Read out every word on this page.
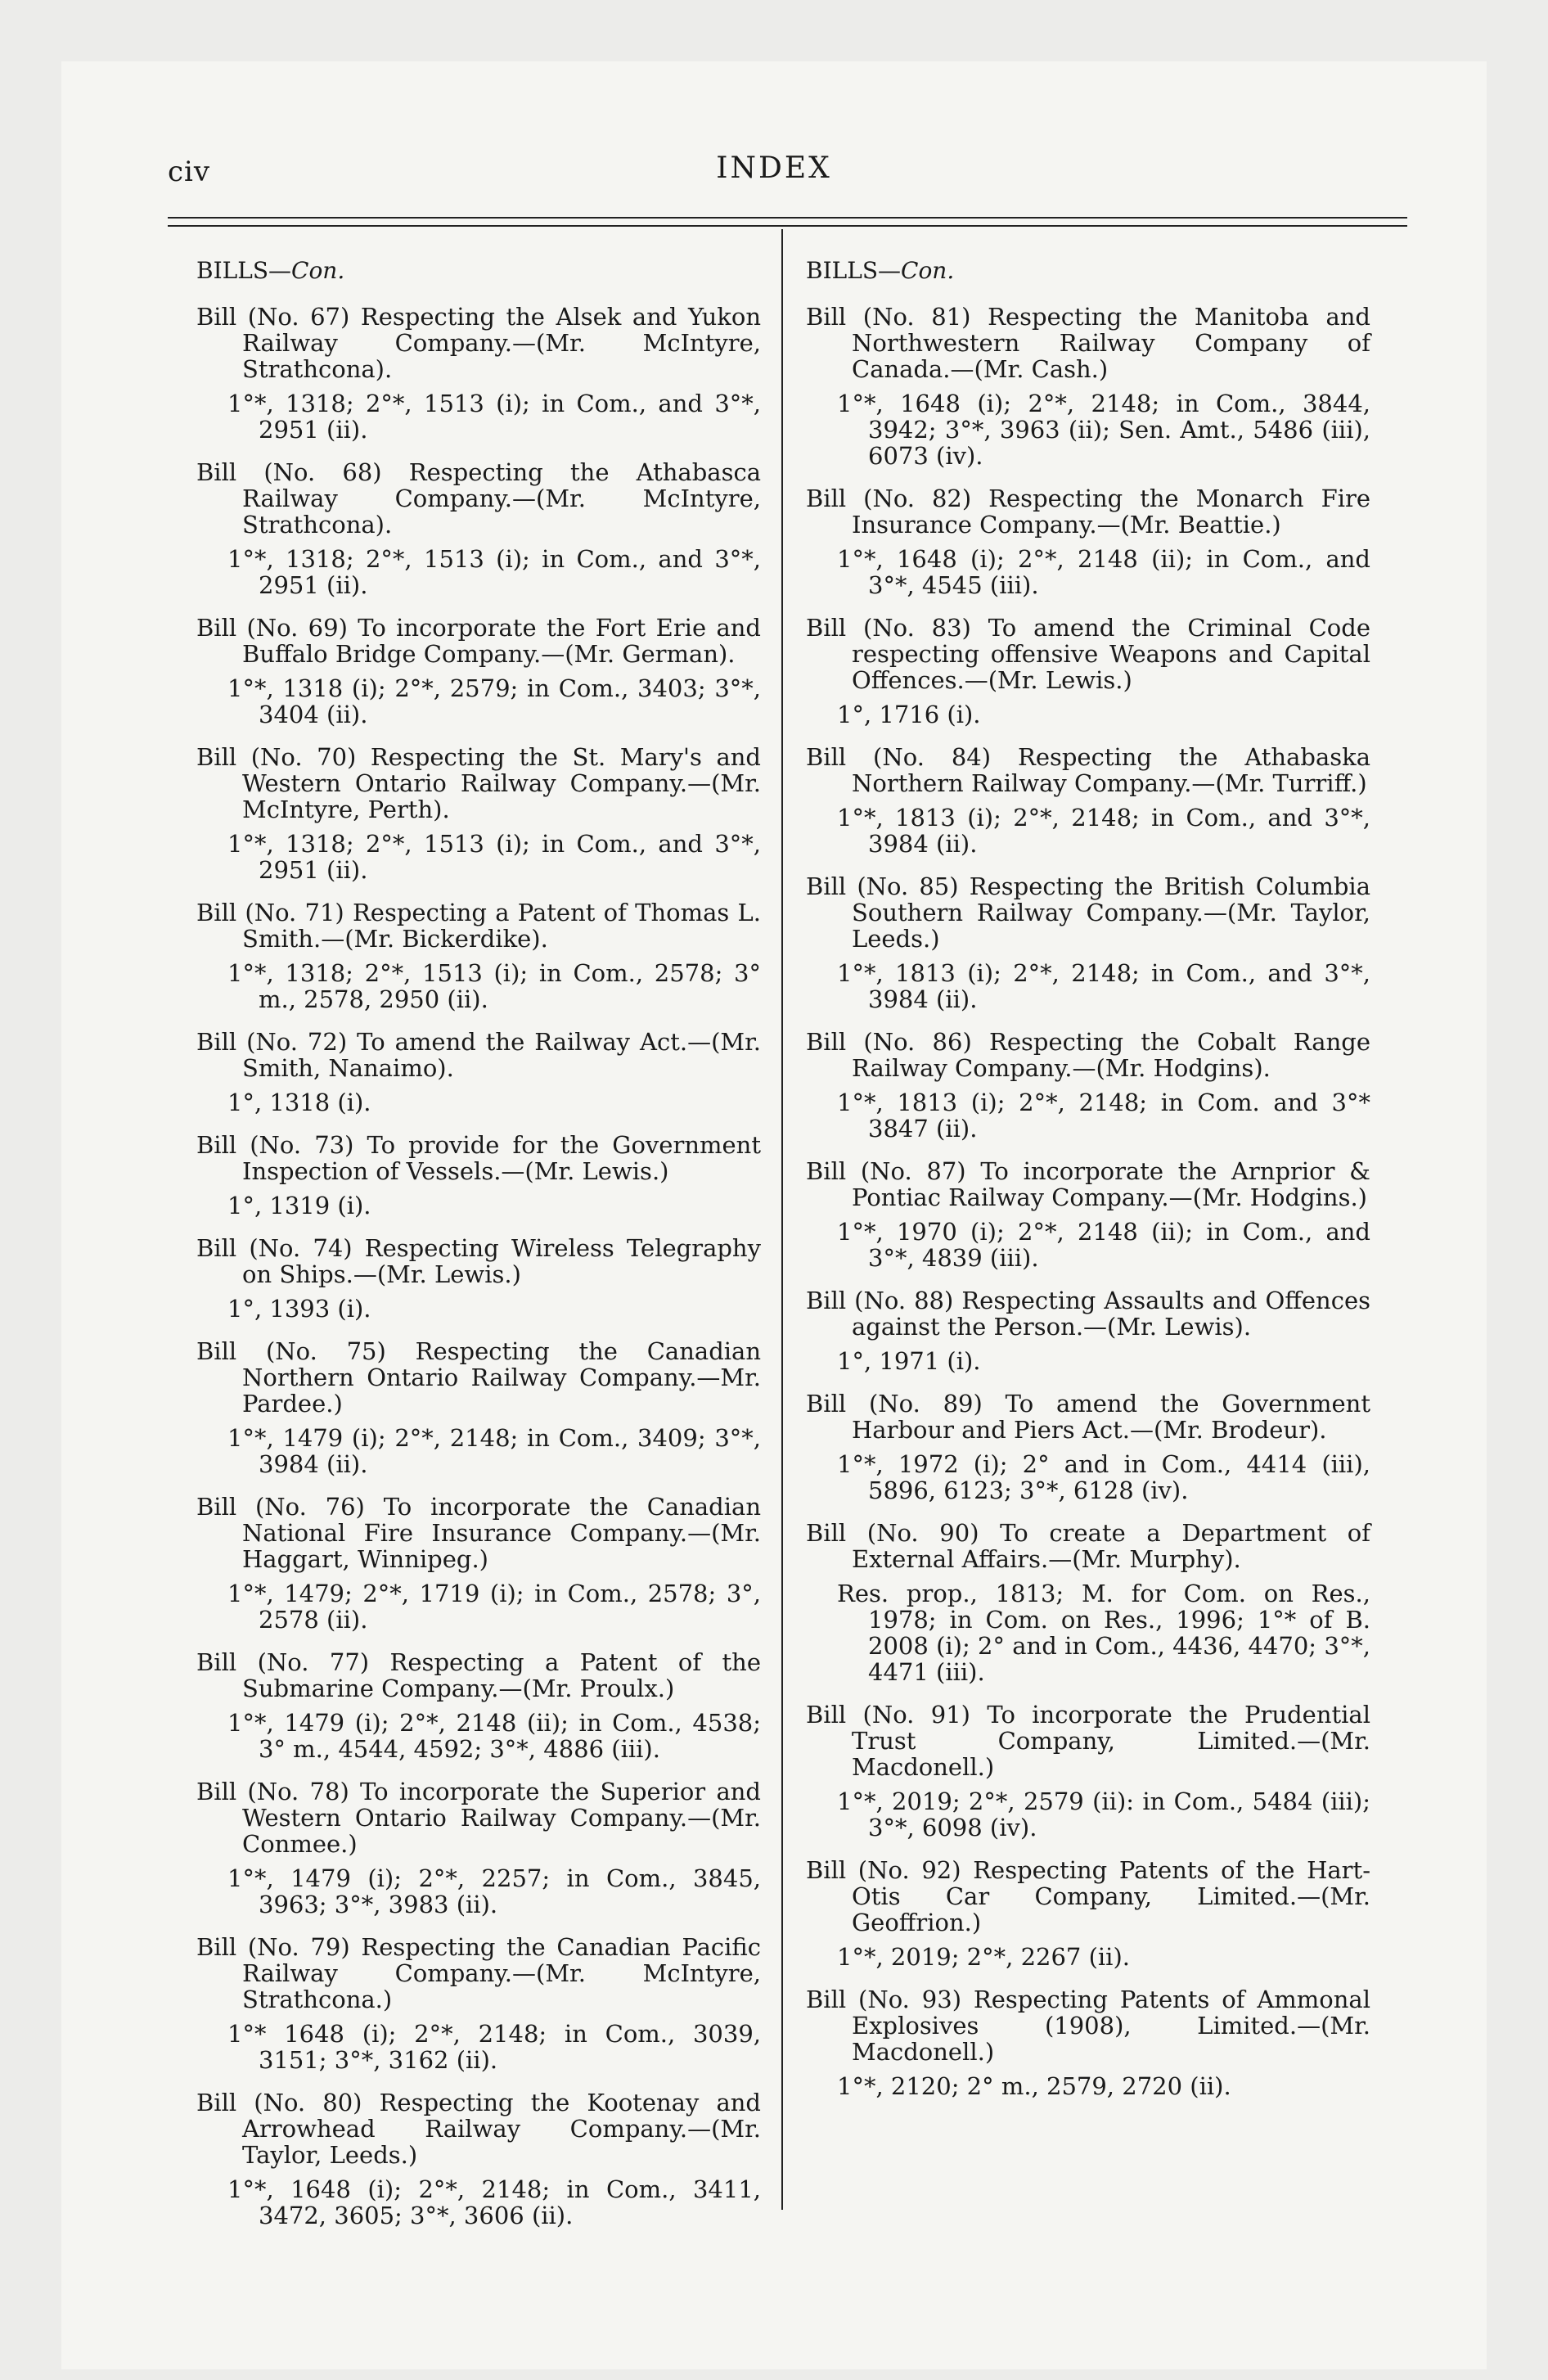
civ	INDEX
BILLS—Con.
Bill (No. 67) Respecting the Alsek and Yukon Railway Company.—(Mr. McIntyre, Strathcona).
1°*, 1318; 2°*, 1513 (i); in Com., and 3°*, 2951 (ii).
Bill (No. 68) Respecting the Athabasca Railway Company.—(Mr. McIntyre, Strathcona).
1°*, 1318; 2°*, 1513 (i); in Com., and 3°*, 2951 (ii).
Bill (No. 69) To incorporate the Fort Erie and Buffalo Bridge Company.—(Mr. German).
1°*, 1318 (i); 2°*, 2579; in Com., 3403; 3°*, 3404 (ii).
Bill (No. 70) Respecting the St. Mary's and Western Ontario Railway Company.—(Mr. McIntyre, Perth).
1°*, 1318; 2°*, 1513 (i); in Com., and 3°*, 2951 (ii).
Bill (No. 71) Respecting a Patent of Thomas L. Smith.—(Mr. Bickerdike).
1°*, 1318; 2°*, 1513 (i); in Com., 2578; 3° m., 2578, 2950 (ii).
Bill (No. 72) To amend the Railway Act.—(Mr. Smith, Nanaimo).
1°, 1318 (i).
Bill (No. 73) To provide for the Government Inspection of Vessels.—(Mr. Lewis.)
1°, 1319 (i).
Bill (No. 74) Respecting Wireless Telegraphy on Ships.—(Mr. Lewis.)
1°, 1393 (i).
Bill (No. 75) Respecting the Canadian Northern Ontario Railway Company.—Mr. Pardee.)
1°*, 1479 (i); 2°*, 2148; in Com., 3409; 3°*, 3984 (ii).
Bill (No. 76) To incorporate the Canadian National Fire Insurance Company.—(Mr. Haggart, Winnipeg.)
1°*, 1479; 2°*, 1719 (i); in Com., 2578; 3°, 2578 (ii).
Bill (No. 77) Respecting a Patent of the Submarine Company.—(Mr. Proulx.)
1°*, 1479 (i); 2°*, 2148 (ii); in Com., 4538; 3° m., 4544, 4592; 3°*, 4886 (iii).
Bill (No. 78) To incorporate the Superior and Western Ontario Railway Company.—(Mr. Conmee.)
1°*, 1479 (i); 2°*, 2257; in Com., 3845, 3963; 3°*, 3983 (ii).
Bill (No. 79) Respecting the Canadian Pacific Railway Company.—(Mr. McIntyre, Strathcona.)
1°* 1648 (i); 2°*, 2148; in Com., 3039, 3151; 3°*, 3162 (ii).
Bill (No. 80) Respecting the Kootenay and Arrowhead Railway Company.—(Mr. Taylor, Leeds.)
1°*, 1648 (i); 2°*, 2148; in Com., 3411, 3472, 3605; 3°*, 3606 (ii).
BILLS—Con.
Bill (No. 81) Respecting the Manitoba and Northwestern Railway Company of Canada.—(Mr. Cash.)
1°*, 1648 (i); 2°*, 2148; in Com., 3844, 3942; 3°*, 3963 (ii); Sen. Amt., 5486 (iii), 6073 (iv).
Bill (No. 82) Respecting the Monarch Fire Insurance Company.—(Mr. Beattie.)
1°*, 1648 (i); 2°*, 2148 (ii); in Com., and 3°*, 4545 (iii).
Bill (No. 83) To amend the Criminal Code respecting offensive Weapons and Capital Offences.—(Mr. Lewis.)
1°, 1716 (i).
Bill (No. 84) Respecting the Athabaska Northern Railway Company.—(Mr. Turriff.)
1°*, 1813 (i); 2°*, 2148; in Com., and 3°*, 3984 (ii).
Bill (No. 85) Respecting the British Columbia Southern Railway Company.—(Mr. Taylor, Leeds.)
1°*, 1813 (i); 2°*, 2148; in Com., and 3°*, 3984 (ii).
Bill (No. 86) Respecting the Cobalt Range Railway Company.—(Mr. Hodgins).
1°*, 1813 (i); 2°*, 2148; in Com. and 3°* 3847 (ii).
Bill (No. 87) To incorporate the Arnprior & Pontiac Railway Company.—(Mr. Hodgins.)
1°*, 1970 (i); 2°*, 2148 (ii); in Com., and 3°*, 4839 (iii).
Bill (No. 88) Respecting Assaults and Offences against the Person.—(Mr. Lewis).
1°, 1971 (i).
Bill (No. 89) To amend the Government Harbour and Piers Act.—(Mr. Brodeur).
1°*, 1972 (i); 2° and in Com., 4414 (iii), 5896, 6123; 3°*, 6128 (iv).
Bill (No. 90) To create a Department of External Affairs.—(Mr. Murphy).
Res. prop., 1813; M. for Com. on Res., 1978; in Com. on Res., 1996; 1°* of B. 2008 (i); 2° and in Com., 4436, 4470; 3°*, 4471 (iii).
Bill (No. 91) To incorporate the Prudential Trust Company, Limited.—(Mr. Macdonell.)
1°*, 2019; 2°*, 2579 (ii): in Com., 5484 (iii); 3°*, 6098 (iv).
Bill (No. 92) Respecting Patents of the Hart-Otis Car Company, Limited.—(Mr. Geoffrion.)
1°*, 2019; 2°*, 2267 (ii).
Bill (No. 93) Respecting Patents of Ammonal Explosives (1908), Limited.—(Mr. Macdonell.)
1°*, 2120; 2° m., 2579, 2720 (ii).
